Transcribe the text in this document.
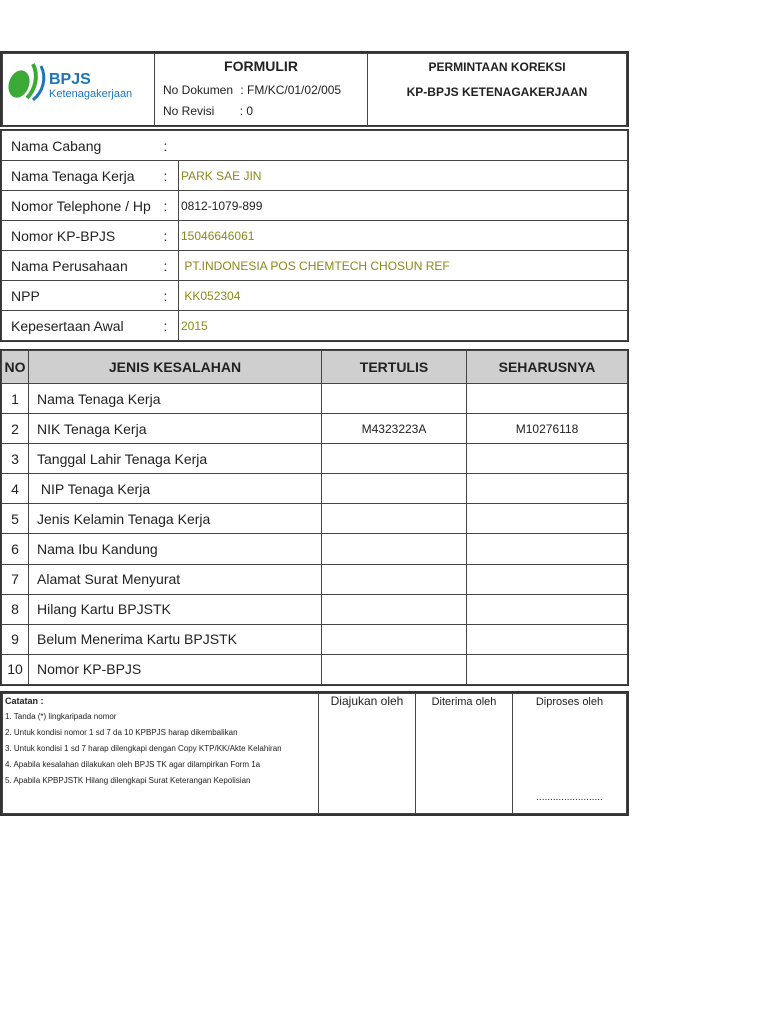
BPJS
Ketenagakerjaan

FORMULIR
No Dokumen : FM/KC/01/02/005
No Revisi : 0

PERMINTAAN KOREKSI
KP-BPJS KETENAGAKERJAAN
Nama Cabang	:	
Nama Tenaga Kerja	:	PARK SAE JIN
Nomor Telephone / Hp	:	0812-1079-899
Nomor KP-BPJS	:	15046646061
Nama Perusahaan	:	PT.INDONESIA POS CHEMTECH CHOSUN REF
NPP	:	KK052304
Kepesertaan Awal	:	2015
NO	JENIS KESALAHAN	TERTULIS	SEHARUSNYA
1	Nama Tenaga Kerja		
2	NIK Tenaga Kerja	M4323223A	M10276118
3	Tanggal Lahir Tenaga Kerja		
4	NIP Tenaga Kerja		
5	Jenis Kelamin Tenaga Kerja		
6	Nama Ibu Kandung		
7	Alamat Surat Menyurat		
8	Hilang Kartu BPJSTK		
9	Belum Menerima Kartu BPJSTK		
10	Nomor KP-BPJS		
Catatan :
1. Tanda (*) lingkaripada nomor
2. Untuk kondisi nomor 1 sd 7 da 10 KPBPJS harap dikembalikan
3. Untuk kondisi 1 sd 7 harap dilengkapi dengan Copy KTP/KK/Akte Kelahiran
4. Apabila kesalahan dilakukan oleh BPJS TK agar dilampirkan Form 1a
5. Apabila KPBPJSTK Hilang dilengkapi Surat Keterangan Kepolisian

Diajukan oleh	Diterima oleh	Diproses oleh
........................
